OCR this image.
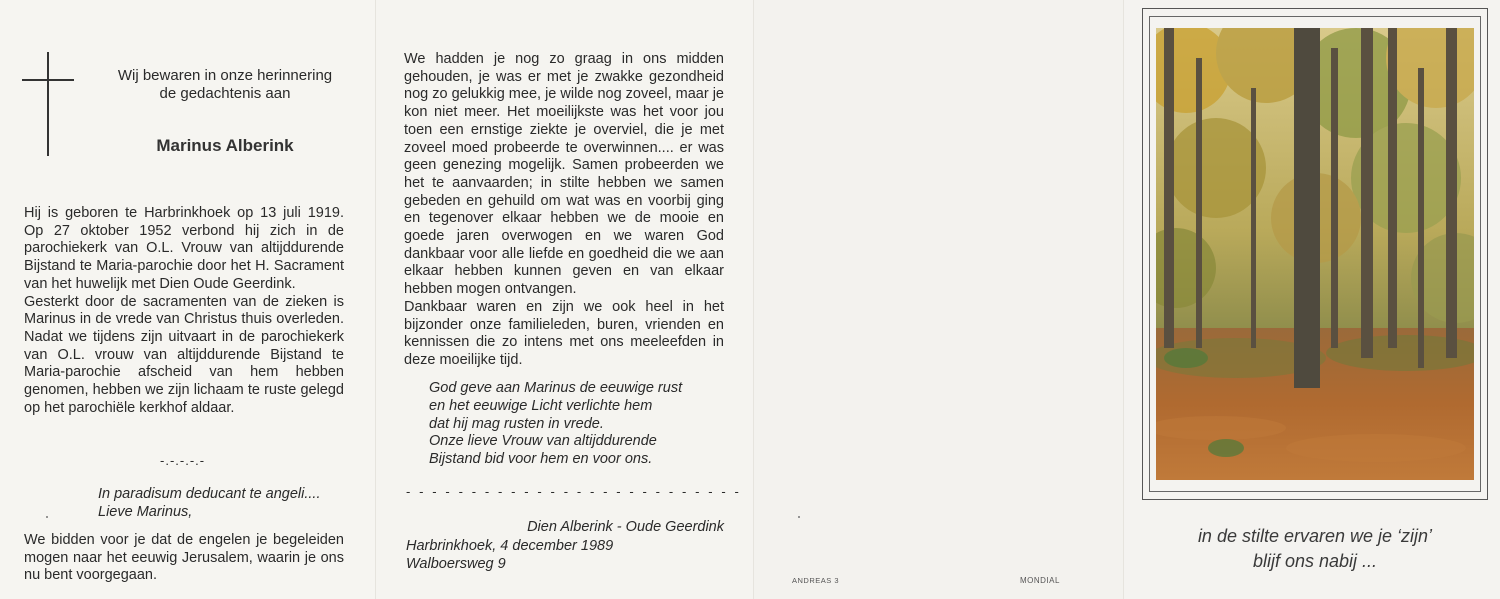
Wij bewaren in onze herinnering
de gedachtenis aan
Marinus Alberink

Hij is geboren te Harbrinkhoek op 13 juli 1919. Op 27 oktober 1952 verbond hij zich in de parochiekerk van O.L. Vrouw van altijddurende Bijstand te Maria-parochie door het H. Sacrament van het huwelijk met Dien Oude Geerdink.

Gesterkt door de sacramenten van de zieken is Marinus in de vrede van Christus thuis overleden. Nadat we tijdens zijn uitvaart in de parochiekerk van O.L. vrouw van altijddurende Bijstand te Maria-parochie afscheid van hem hebben genomen, hebben we zijn lichaam te ruste gelegd op het parochiële kerkhof aldaar.

-.-.-.-.-
In paradisum deducant te angeli....
Lieve Marinus,
We bidden voor je dat de engelen je begeleiden mogen naar het eeuwig Jerusalem, waarin je ons nu bent voorgegaan.

We hadden je nog zo graag in ons midden gehouden, je was er met je zwakke gezondheid nog zo gelukkig mee, je wilde nog zoveel, maar je kon niet meer. Het moeilijkste was het voor jou toen een ernstige ziekte je overviel, die je met zoveel moed probeerde te overwinnen.... er was geen genezing mogelijk. Samen probeerden we het te aanvaarden; in stilte hebben we samen gebeden en gehuild om wat was en voorbij ging en tegenover elkaar hebben we de mooie en goede jaren overwogen en we waren God dankbaar voor alle liefde en goedheid die we aan elkaar hebben kunnen geven en van elkaar hebben mogen ontvangen.

Dankbaar waren en zijn we ook heel in het bijzonder onze familieleden, buren, vrienden en kennissen die zo intens met ons meeleefden in deze moeilijke tijd.

God geve aan Marinus de eeuwige rust
en het eeuwige Licht verlichte hem
dat hij mag rusten in vrede.
Onze lieve Vrouw van altijddurende
Bijstand bid voor hem en voor ons.
- - - - - - - - - - - - - - - - - - - - - - - - - -
Dien Alberink - Oude Geerdink
Harbrinkhoek, 4 december 1989
Walboersweg 9
ANDREAS 3	MONDIAL
in de stilte ervaren we je ‘zijn’
blijf ons nabij ...
